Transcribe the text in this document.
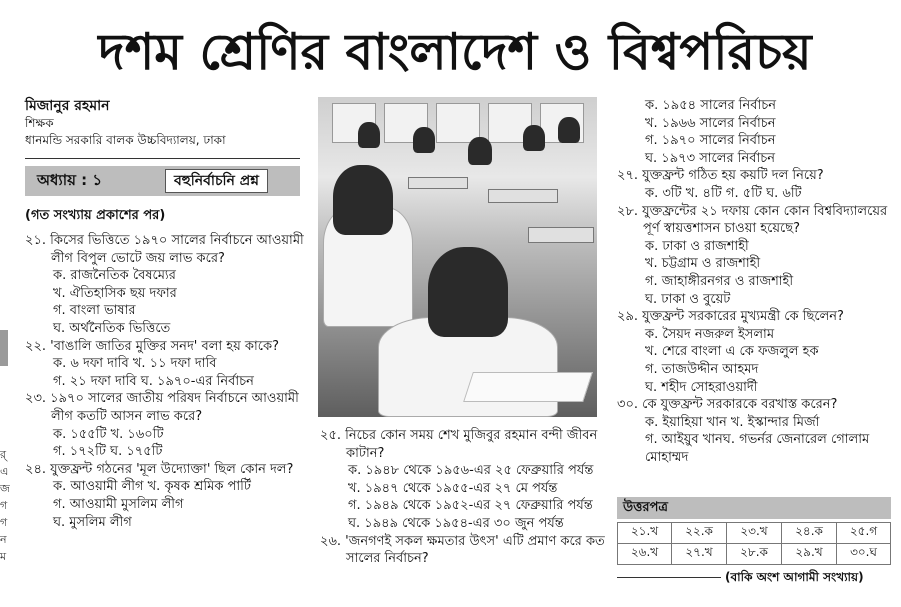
দশম শ্রেণির বাংলাদেশ ও বিশ্বপরিচয়
মিজানুর রহমান
শিক্ষক
ধানমন্ডি সরকারি বালক উচ্চবিদ্যালয়, ঢাকা
অধ্যায় : ১	বহুনির্বাচনি প্রশ্ন
(গত সংখ্যায় প্রকাশের পর)
র্
এ
জ
গ
গ
ন
ম
২১. কিসের ভিত্তিতে ১৯৭০ সালের নির্বাচনে আওয়ামী লীগ বিপুল ভোটে জয় লাভ করে?
ক. রাজনৈতিক বৈষম্যের
খ. ঐতিহাসিক ছয় দফার
গ. বাংলা ভাষার
ঘ. অর্থনৈতিক ভিত্তিতে
২২. 'বাঙালি জাতির মুক্তির সনদ' বলা হয় কাকে?
ক. ৬ দফা দাবি খ. ১১ দফা দাবি
গ. ২১ দফা দাবি ঘ. ১৯৭০-এর নির্বাচন
২৩. ১৯৭০ সালের জাতীয় পরিষদ নির্বাচনে আওয়ামী লীগ কতটি আসন লাভ করে?
ক. ১৫৫টি খ. ১৬০টি
গ. ১৭২টি ঘ. ১৭৫টি
২৪. যুক্তফ্রন্ট গঠনের 'মূল উদ্যোক্তা' ছিল কোন দল?
ক. আওয়ামী লীগ খ. কৃষক শ্রমিক পার্টি
গ. আওয়ামী মুসলিম লীগ
ঘ. মুসলিম লীগ
২৫. নিচের কোন সময় শেখ মুজিবুর রহমান বন্দী জীবন কাটান?
ক. ১৯৪৮ থেকে ১৯৫৬-এর ২৫ ফেব্রুয়ারি পর্যন্ত
খ. ১৯৪৭ থেকে ১৯৫৫-এর ২৭ মে পর্যন্ত
গ. ১৯৪৯ থেকে ১৯৫২-এর ২৭ ফেব্রুয়ারি পর্যন্ত
ঘ. ১৯৪৯ থেকে ১৯৫৪-এর ৩০ জুন পর্যন্ত
২৬. 'জনগণই সকল ক্ষমতার উৎস' এটি প্রমাণ করে কত সালের নির্বাচন?
ক. ১৯৫৪ সালের নির্বাচন
খ. ১৯৬৬ সালের নির্বাচন
গ. ১৯৭০ সালের নির্বাচন
ঘ. ১৯৭৩ সালের নির্বাচন
২৭. যুক্তফ্রন্ট গঠিত হয় কয়টি দল নিয়ে?
ক. ৩টি খ. ৪টি গ. ৫টি ঘ. ৬টি
২৮. যুক্তফ্রন্টের ২১ দফায় কোন কোন বিশ্ববিদ্যালয়ের পূর্ণ স্বায়ত্তশাসন চাওয়া হয়েছে?
ক. ঢাকা ও রাজশাহী
খ. চট্টগ্রাম ও রাজশাহী
গ. জাহাঙ্গীরনগর ও রাজশাহী
ঘ. ঢাকা ও বুয়েট
২৯. যুক্তফ্রন্ট সরকারের মুখ্যমন্ত্রী কে ছিলেন?
ক. সৈয়দ নজরুল ইসলাম
খ. শেরে বাংলা এ কে ফজলুল হক
গ. তাজউদ্দীন আহমদ
ঘ. শহীদ সোহরাওয়ার্দী
৩০. কে যুক্তফ্রন্ট সরকারকে বরখাস্ত করেন?
ক. ইয়াহিয়া খান খ. ইস্কান্দার মির্জা
গ. আইয়ুব খানঘ. গভর্নর জেনারেল গোলাম মোহাম্মদ
উত্তরপত্র
২১.খ	২২.ক	২৩.খ	২৪.ক	২৫.গ
২৬.খ	২৭.খ	২৮.ক	২৯.খ	৩০.ঘ
(বাকি অংশ আগামী সংখ্যায়)
